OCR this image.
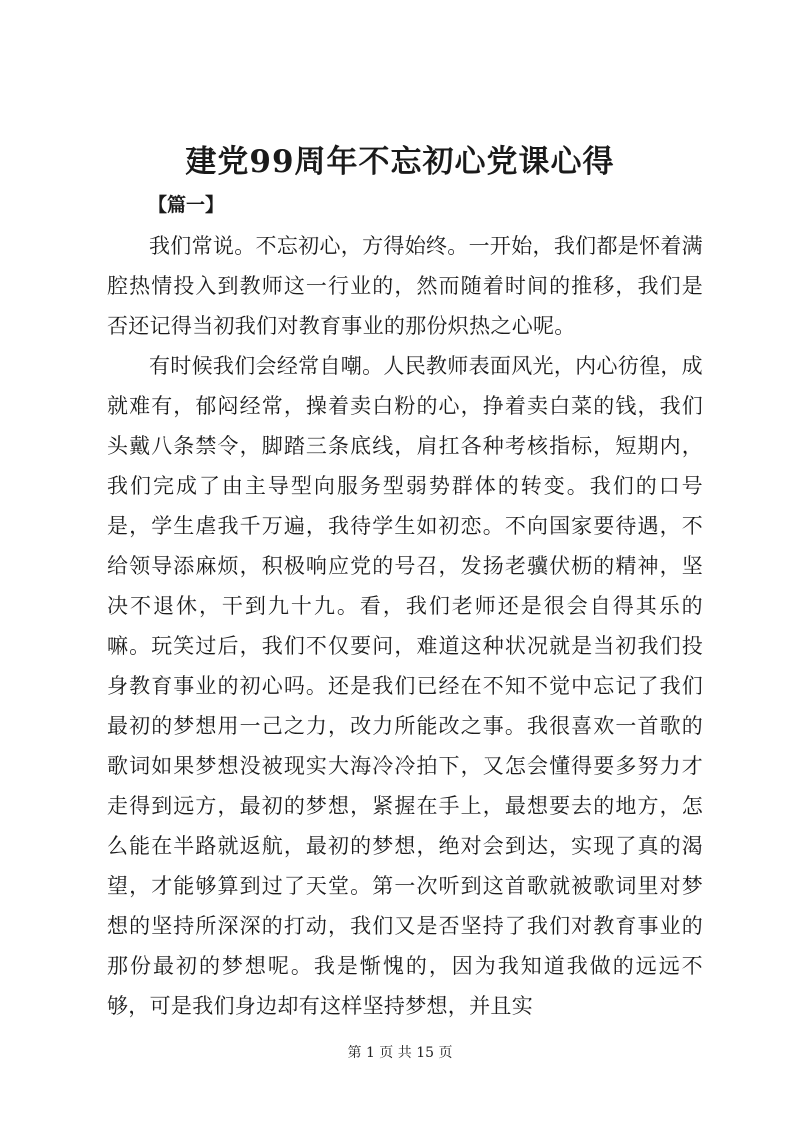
建党99周年不忘初心党课心得
【篇一】

我们常说。不忘初心，方得始终。一开始，我们都是怀着满腔热情投入到教师这一行业的，然而随着时间的推移，我们是否还记得当初我们对教育事业的那份炽热之心呢。

有时候我们会经常自嘲。人民教师表面风光，内心彷徨，成就难有，郁闷经常，操着卖白粉的心，挣着卖白菜的钱，我们头戴八条禁令，脚踏三条底线，肩扛各种考核指标，短期内，我们完成了由主导型向服务型弱势群体的转变。我们的口号是，学生虐我千万遍，我待学生如初恋。不向国家要待遇，不给领导添麻烦，积极响应党的号召，发扬老骥伏枥的精神，坚决不退休，干到九十九。看，我们老师还是很会自得其乐的嘛。玩笑过后，我们不仅要问，难道这种状况就是当初我们投身教育事业的初心吗。还是我们已经在不知不觉中忘记了我们最初的梦想用一己之力，改力所能改之事。我很喜欢一首歌的歌词如果梦想没被现实大海冷冷拍下，又怎会懂得要多努力才走得到远方，最初的梦想，紧握在手上，最想要去的地方，怎么能在半路就返航，最初的梦想，绝对会到达，实现了真的渴望，才能够算到过了天堂。第一次听到这首歌就被歌词里对梦想的坚持所深深的打动，我们又是否坚持了我们对教育事业的那份最初的梦想呢。我是惭愧的，因为我知道我做的远远不够，可是我们身边却有这样坚持梦想，并且实

第 1 页 共 15 页
